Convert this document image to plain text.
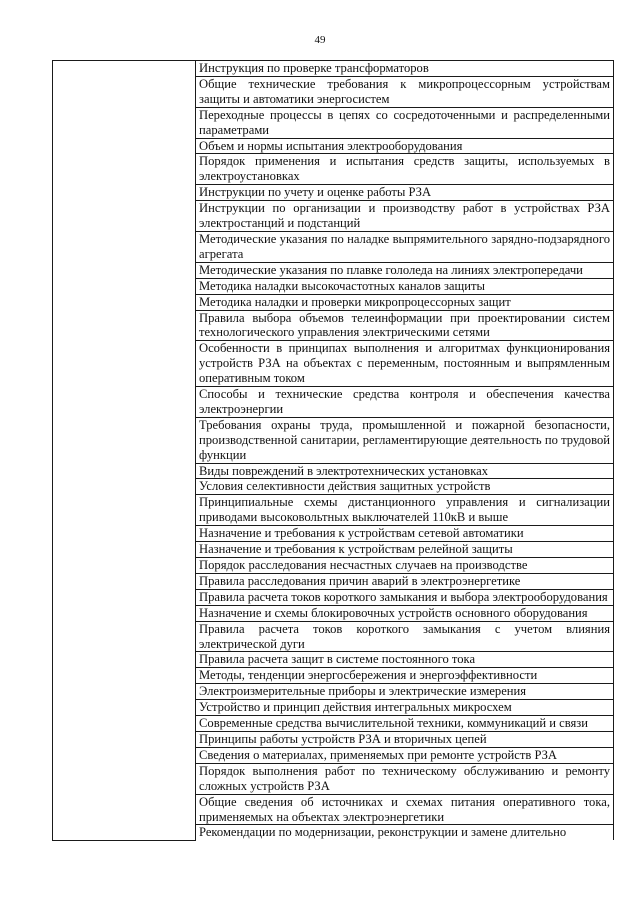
49
	Инструкция по проверке трансформаторов
Общие технические требования к микропроцессорным устройствам защиты и автоматики энергосистем
Переходные процессы в цепях со сосредоточенными и распределенными параметрами
Объем и нормы испытания электрооборудования
Порядок применения и испытания средств защиты, используемых в электроустановках
Инструкции по учету и оценке работы РЗА
Инструкции по организации и производству работ в устройствах РЗА электростанций и подстанций
Методические указания по наладке выпрямительного зарядно-подзарядного агрегата
Методические указания по плавке гололеда на линиях электропередачи
Методика наладки высокочастотных каналов защиты
Методика наладки и проверки микропроцессорных защит
Правила выбора объемов телеинформации при проектировании систем технологического управления электрическими сетями
Особенности в принципах выполнения и алгоритмах функционирования устройств РЗА на объектах с переменным, постоянным и выпрямленным оперативным током
Способы и технические средства контроля и обеспечения качества электроэнергии
Требования охраны труда, промышленной и пожарной безопасности, производственной санитарии, регламентирующие деятельность по трудовой функции
Виды повреждений в электротехнических установках
Условия селективности действия защитных устройств
Принципиальные схемы дистанционного управления и сигнализации приводами высоковольтных выключателей 110кВ и выше
Назначение и требования к устройствам сетевой автоматики
Назначение и требования к устройствам релейной защиты
Порядок расследования несчастных случаев на производстве
Правила расследования причин аварий в электроэнергетике
Правила расчета токов короткого замыкания и выбора электрооборудования
Назначение и схемы блокировочных устройств основного оборудования
Правила расчета токов короткого замыкания с учетом влияния электрической дуги
Правила расчета защит в системе постоянного тока
Методы, тенденции энергосбережения и энергоэффективности
Электроизмерительные приборы и электрические измерения
Устройство и принцип действия интегральных микросхем
Современные средства вычислительной техники, коммуникаций и связи
Принципы работы устройств РЗА и вторичных цепей
Сведения о материалах, применяемых при ремонте устройств РЗА
Порядок выполнения работ по техническому обслуживанию и ремонту сложных устройств РЗА
Общие сведения об источниках и схемах питания оперативного тока, применяемых на объектах электроэнергетики
Рекомендации по модернизации, реконструкции и замене длительно
